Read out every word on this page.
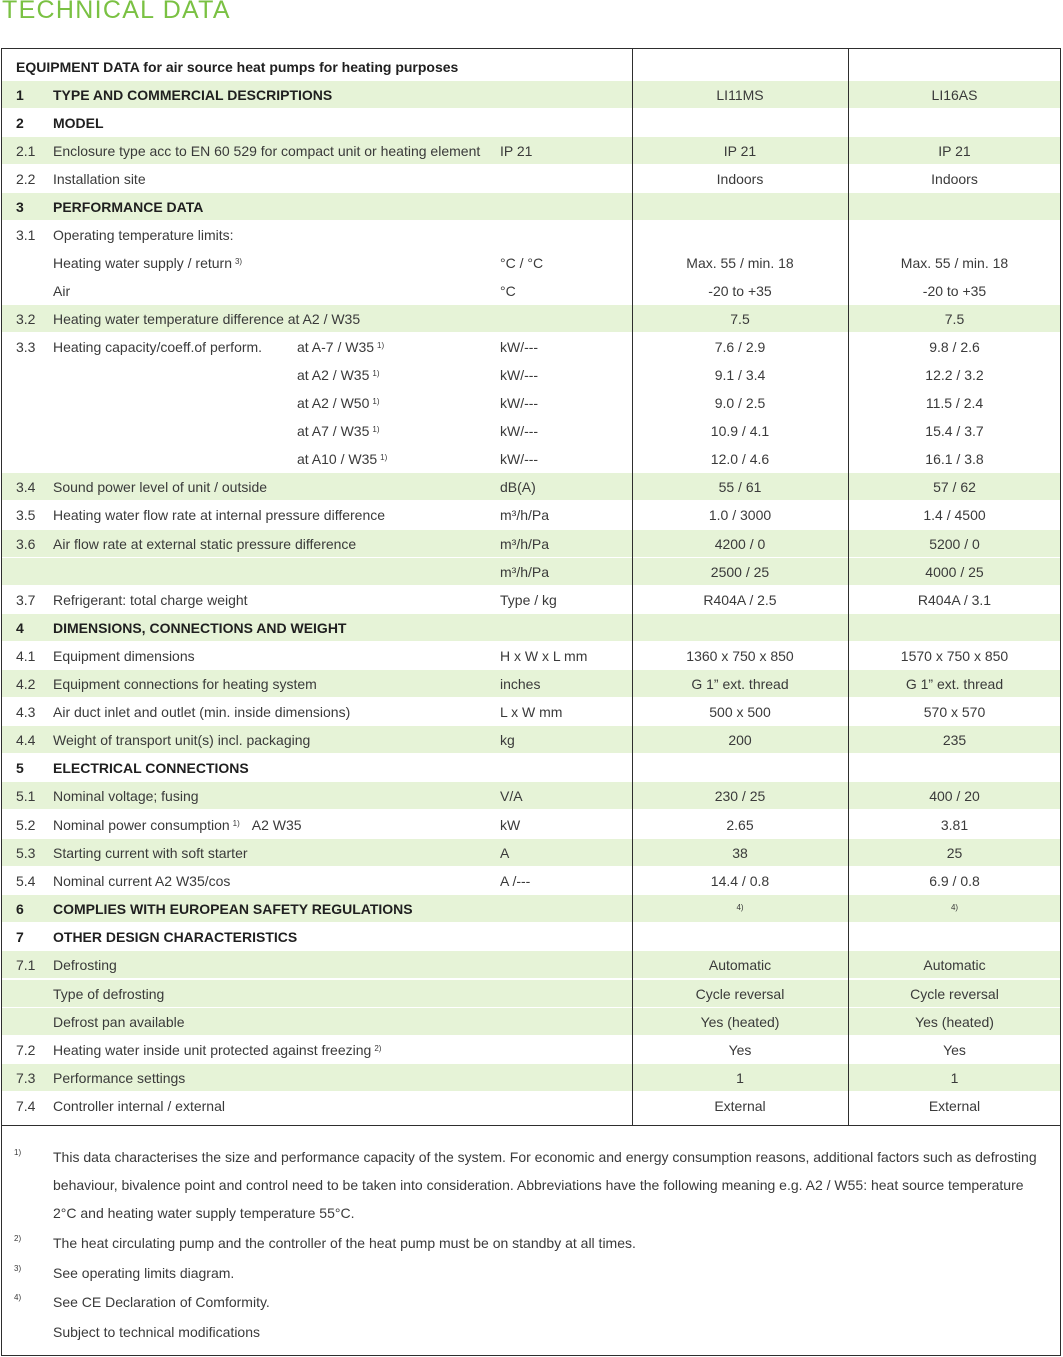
TECHNICAL DATA
EQUIPMENT DATA for air source heat pumps for heating purposes
1 TYPE AND COMMERCIAL DESCRIPTIONS	LI11MS	LI16AS
2 MODEL
2.1 Enclosure type acc to EN 60 529 for compact unit or heating element IP 21	IP 21	IP 21
2.2 Installation site	Indoors	Indoors
3 PERFORMANCE DATA
3.1 Operating temperature limits:
Heating water supply / return $^{3)}$	°C / °C	Max. 55 / min. 18	Max. 55 / min. 18
Air	°C	-20 to +35	-20 to +35
3.2 Heating water temperature difference at A2 / W35	7.5	7.5
3.3 Heating capacity/coeff.of perform. at A-7 / W35 $^{1)}$	kW/---	7.6 / 2.9	9.8 / 2.6
at A2 / W35 $^{1)}$	kW/---	9.1 / 3.4	12.2 / 3.2
at A2 / W50 $^{1)}$	kW/---	9.0 / 2.5	11.5 / 2.4
at A7 / W35 $^{1)}$	kW/---	10.9 / 4.1	15.4 / 3.7
at A10 / W35 $^{1)}$	kW/---	12.0 / 4.6	16.1 / 3.8
3.4 Sound power level of unit / outside	dB(A)	55 / 61	57 / 62
3.5 Heating water flow rate at internal pressure difference	m³/h/Pa	1.0 / 3000	1.4 / 4500
3.6 Air flow rate at external static pressure difference	m³/h/Pa	4200 / 0	5200 / 0
m³/h/Pa	2500 / 25	4000 / 25
3.7 Refrigerant: total charge weight	Type / kg	R404A / 2.5	R404A / 3.1
4 DIMENSIONS, CONNECTIONS AND WEIGHT
4.1 Equipment dimensions	H x W x L mm	1360 x 750 x 850	1570 x 750 x 850
4.2 Equipment connections for heating system	inches	G 1” ext. thread	G 1” ext. thread
4.3 Air duct inlet and outlet (min. inside dimensions)	L x W mm	500 x 500	570 x 570
4.4 Weight of transport unit(s) incl. packaging	kg	200	235
5 ELECTRICAL CONNECTIONS
5.1 Nominal voltage; fusing	V/A	230 / 25	400 / 20
5.2 Nominal power consumption $^{1)}$ A2 W35	kW	2.65	3.81
5.3 Starting current with soft starter	A	38	25
5.4 Nominal current A2 W35/cos	A /---	14.4 / 0.8	6.9 / 0.8
6 COMPLIES WITH EUROPEAN SAFETY REGULATIONS	$^{4)}$	$^{4)}$
7 OTHER DESIGN CHARACTERISTICS
7.1 Defrosting	Automatic	Automatic
Type of defrosting	Cycle reversal	Cycle reversal
Defrost pan available	Yes (heated)	Yes (heated)
7.2 Heating water inside unit protected against freezing $^{2)}$	Yes	Yes
7.3 Performance settings	1	1
7.4 Controller internal / external	External	External
1) This data characterises the size and performance capacity of the system. For economic and energy consumption reasons, additional factors such as defrosting behaviour, bivalence point and control need to be taken into consideration. Abbreviations have the following meaning e.g. A2 / W55: heat source temperature 2°C and heating water supply temperature 55°C.
2) The heat circulating pump and the controller of the heat pump must be on standby at all times.
3) See operating limits diagram.
4) See CE Declaration of Comformity.
Subject to technical modifications
